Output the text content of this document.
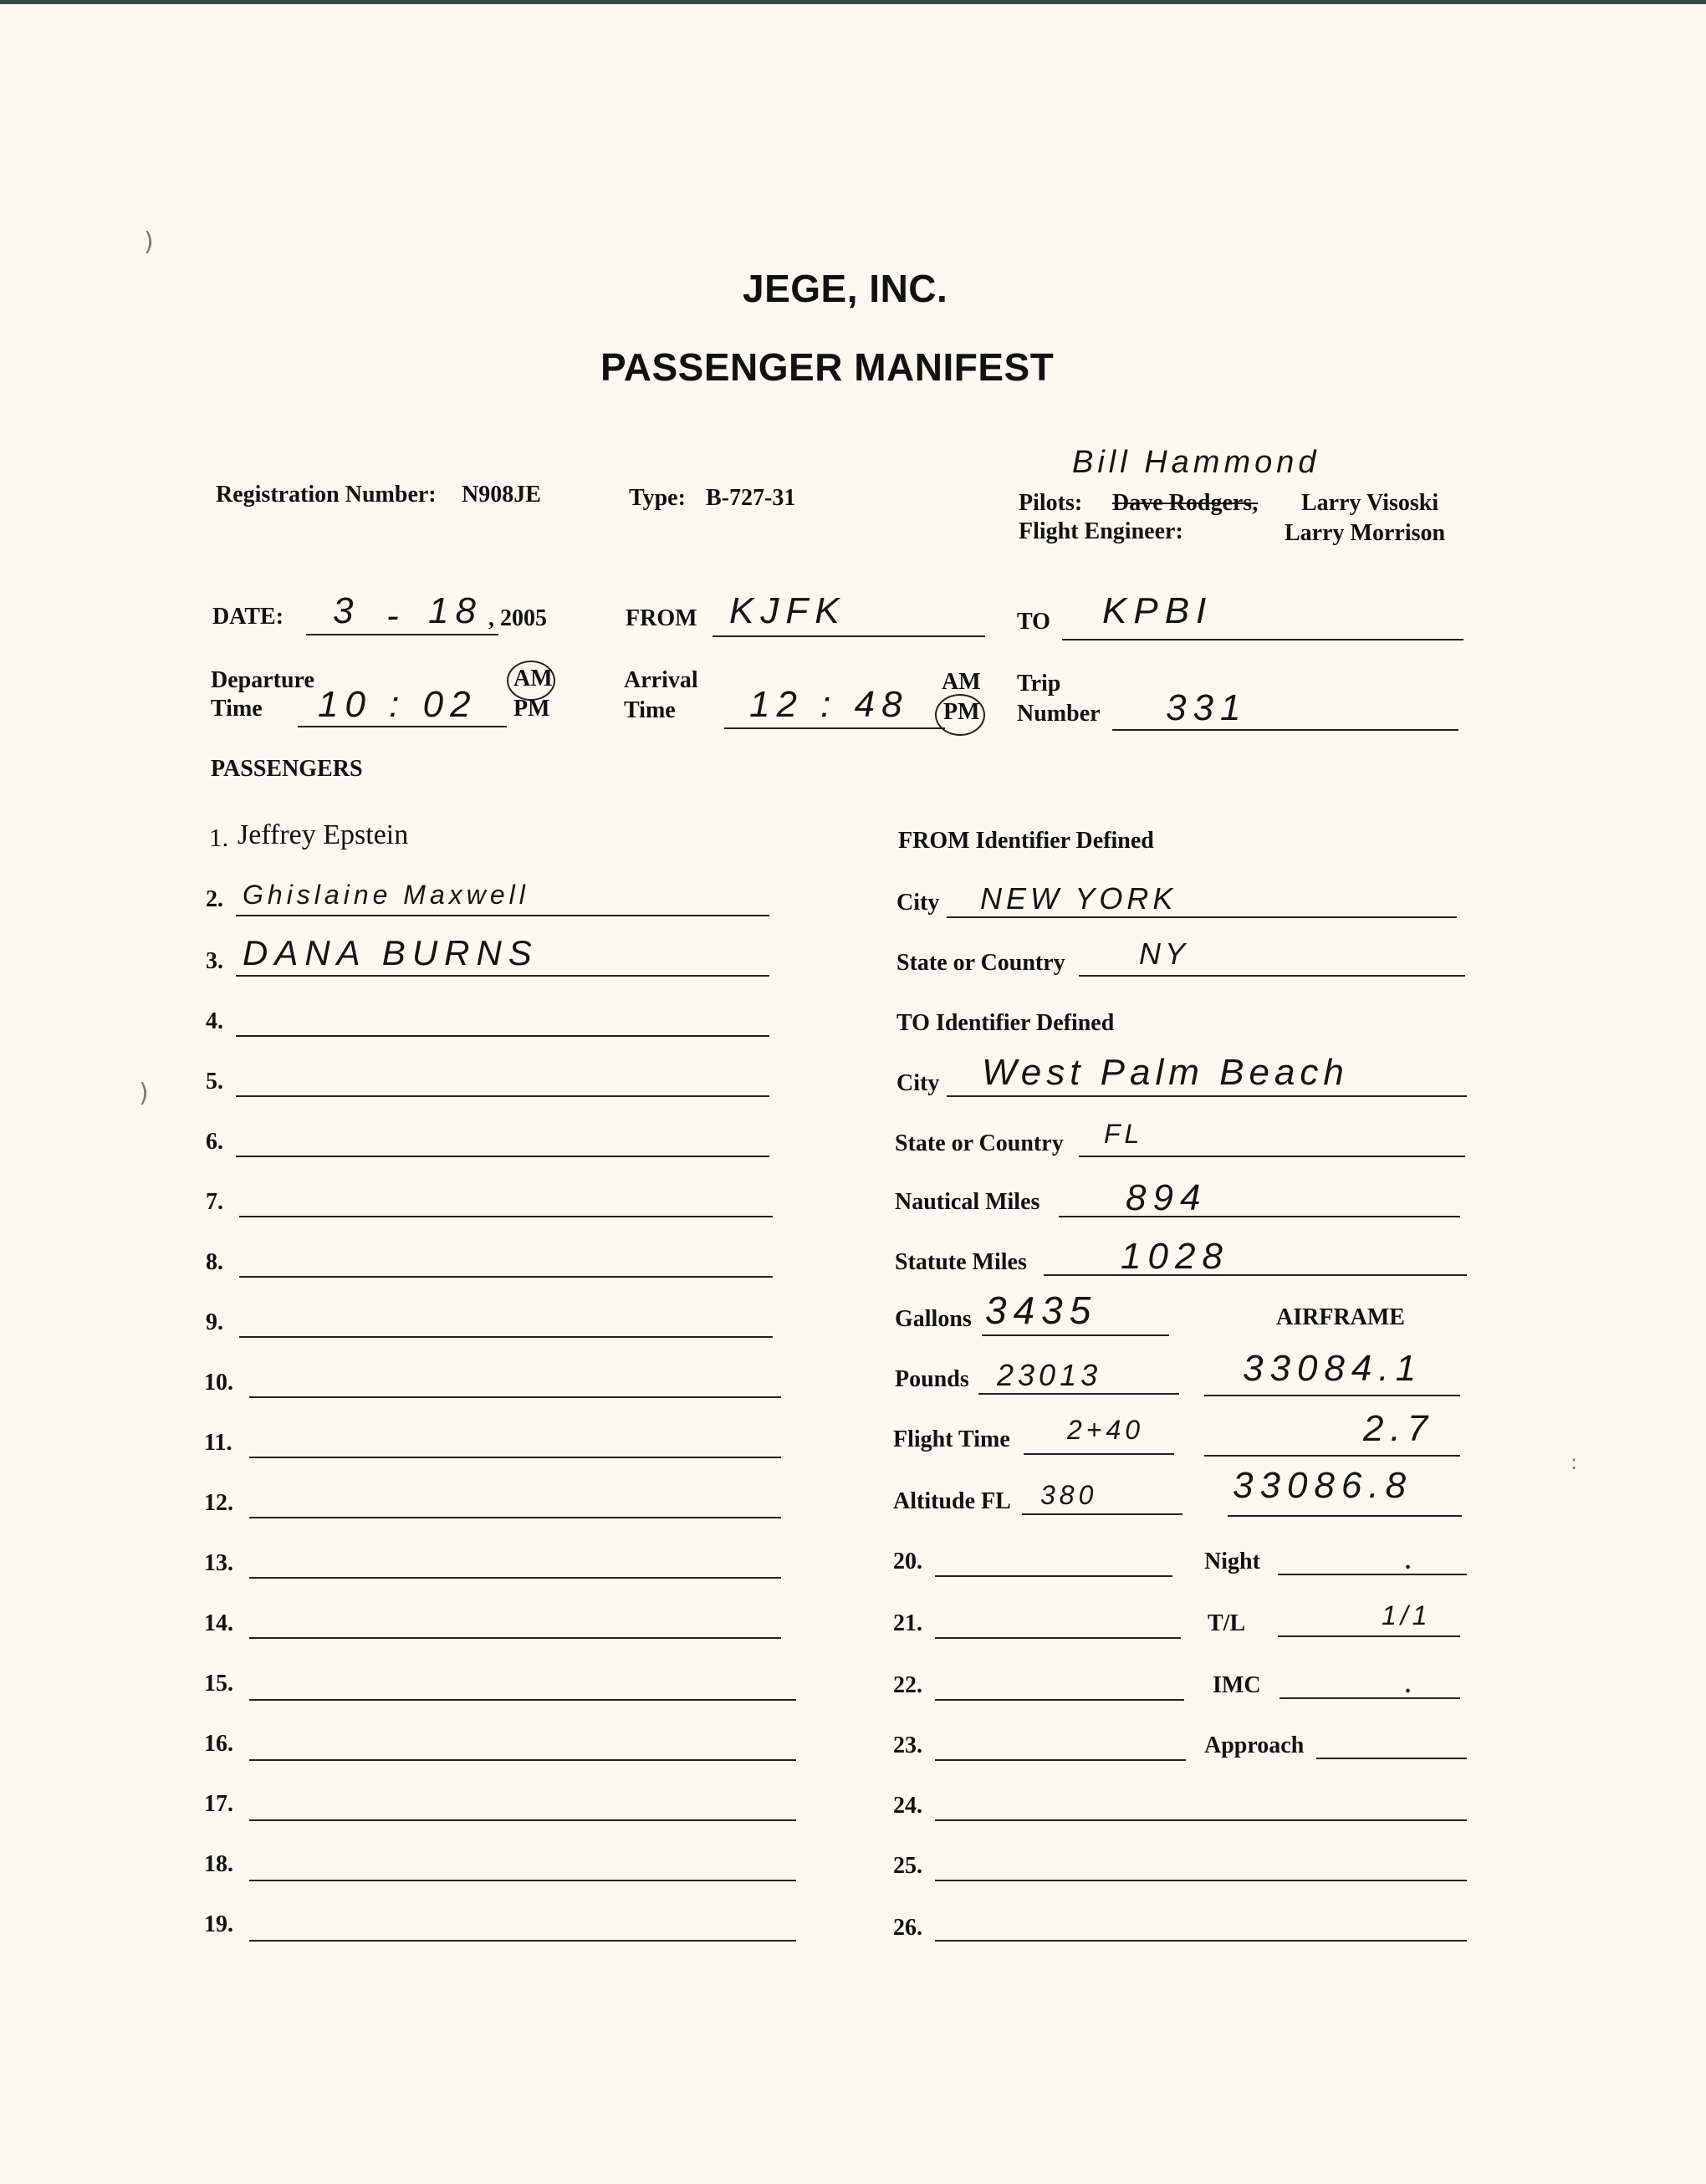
)
)
:
JEGE, INC.
PASSENGER MANIFEST
Registration Number: N908JE	Type: B-727-31
Bill Hammond
Pilots: Dave Rodgers, Larry Visoski
Flight Engineer:	Larry Morrison
DATE: 3 - 18 , 2005	FROM KJFK	TO KPBI
Departure
Time 10 : 02
AM
PM
Arrival
Time 12 : 48
AM
PM
Trip
Number 331
PASSENGERS
1. Jeffrey Epstein
2. Ghislaine Maxwell
3. DANA BURNS
4.
5.
6.
7.
8.
9.
10.
11.
12.
13.
14.
15.
16.
17.
18.
19.
FROM Identifier Defined
City NEW YORK
State or Country NY
TO Identifier Defined
City West Palm Beach
State or Country FL
Nautical Miles 894
Statute Miles	1028
Gallons 3435	AIRFRAME
Pounds 23013	33084.1
Flight Time 2+40	2.7
Altitude FL 380	33086.8
20.	Night	.
21.	T/L	1/1
22.	IMC	.
23.	Approach
24.
25.
26.
